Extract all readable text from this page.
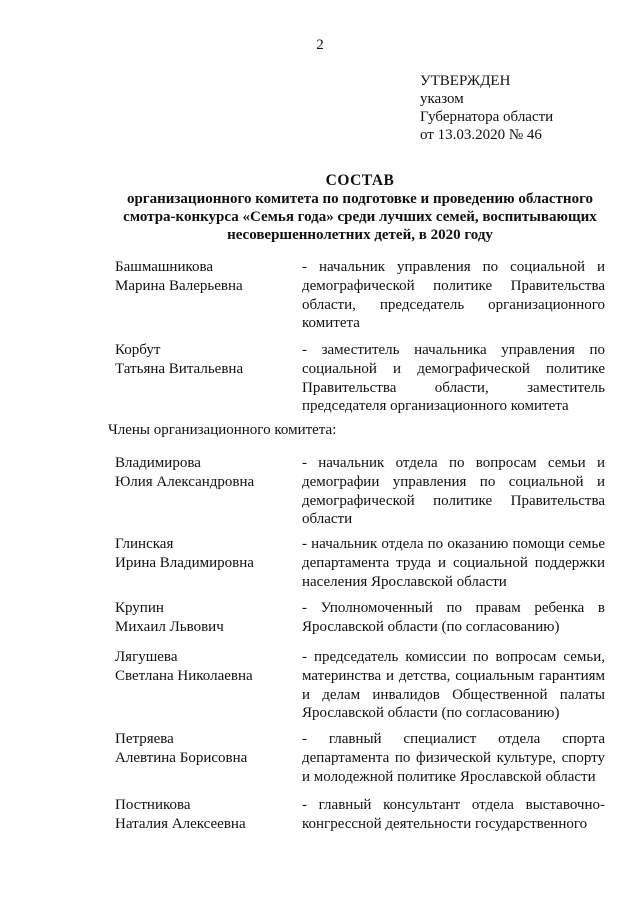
2
УТВЕРЖДЕН
указом
Губернатора области
от 13.03.2020 № 46
СОСТАВ
организационного комитета по подготовке и проведению областного
смотра-конкурса «Семья года» среди лучших семей, воспитывающих
несовершеннолетних детей, в 2020 году
Башмашникова
Марина Валерьевна
- начальник управления по социальной и демографической политике Правительства области, председатель организационного комитета
Корбут
Татьяна Витальевна
- заместитель начальника управления по социальной и демографической политике Правительства области, заместитель председателя организационного комитета
Члены организационного комитета:
Владимирова
Юлия Александровна
- начальник отдела по вопросам семьи и демографии управления по социальной и демографической политике Правительства области
Глинская
Ирина Владимировна
- начальник отдела по оказанию помощи семье департамента труда и социальной поддержки населения Ярославской области
Крупин
Михаил Львович
- Уполномоченный по правам ребенка в Ярославской области (по согласованию)
Лягушева
Светлана Николаевна
- председатель комиссии по вопросам семьи, материнства и детства, социальным гарантиям и делам инвалидов Общественной палаты Ярославской области (по согласованию)
Петряева
Алевтина Борисовна
- главный специалист отдела спорта департамента по физической культуре, спорту и молодежной политике Ярославской области
Постникова
Наталия Алексеевна
- главный консультант отдела выставочно-конгрессной деятельности государственного
